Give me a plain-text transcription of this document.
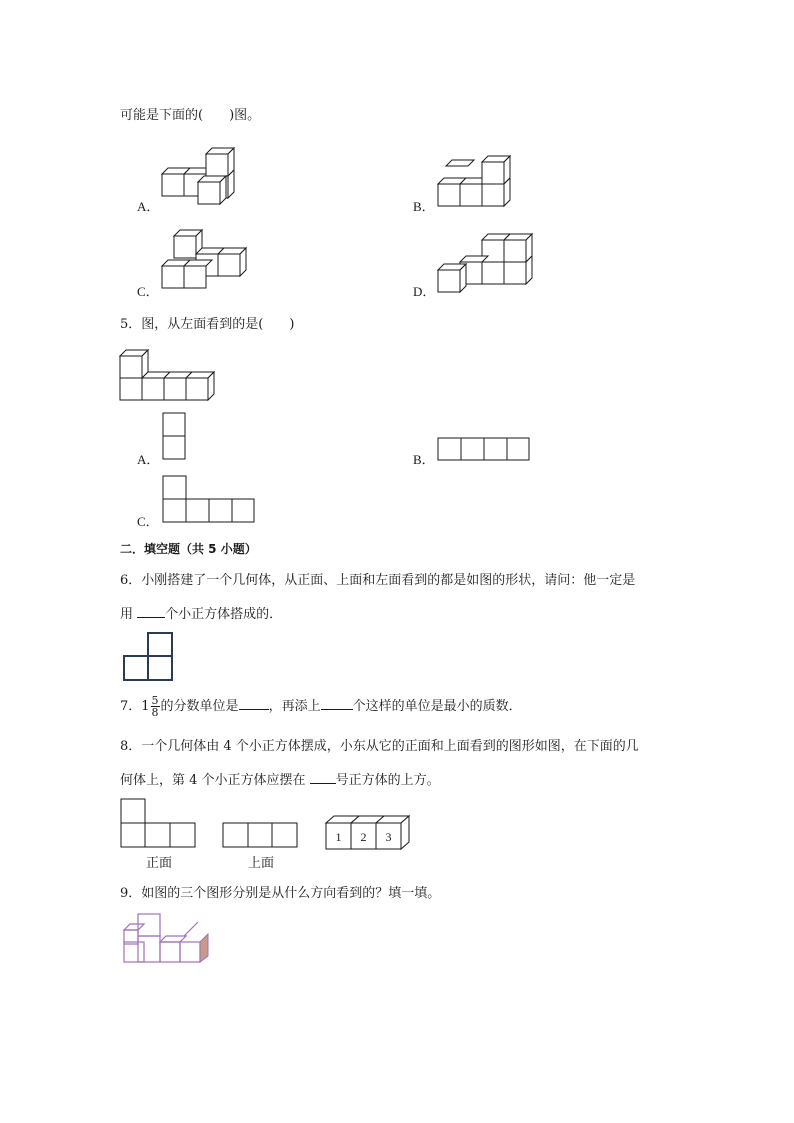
可能是下面的(　　)图。
A．	B．
C．	D．
5．图，从左面看到的是(　　)
A．	B．
C．
二．填空题（共 5 小题）
6．小刚搭建了一个几何体，从正面、上面和左面看到的都是如图的形状，请问：他一定是
用 个小正方体搭成的．
7．$1 \frac{5}{8}$ 的分数单位是 ，再添上 个这样的单位是最小的质数．
8．一个几何体由 4 个小正方体摆成，小东从它的正面和上面看到的图形如图，在下面的几
何体上，第 4 个小正方体应摆在 号正方体的上方。
正面	上面
1 2 3
9．如图的三个图形分别是从什么方向看到的？填一填。
